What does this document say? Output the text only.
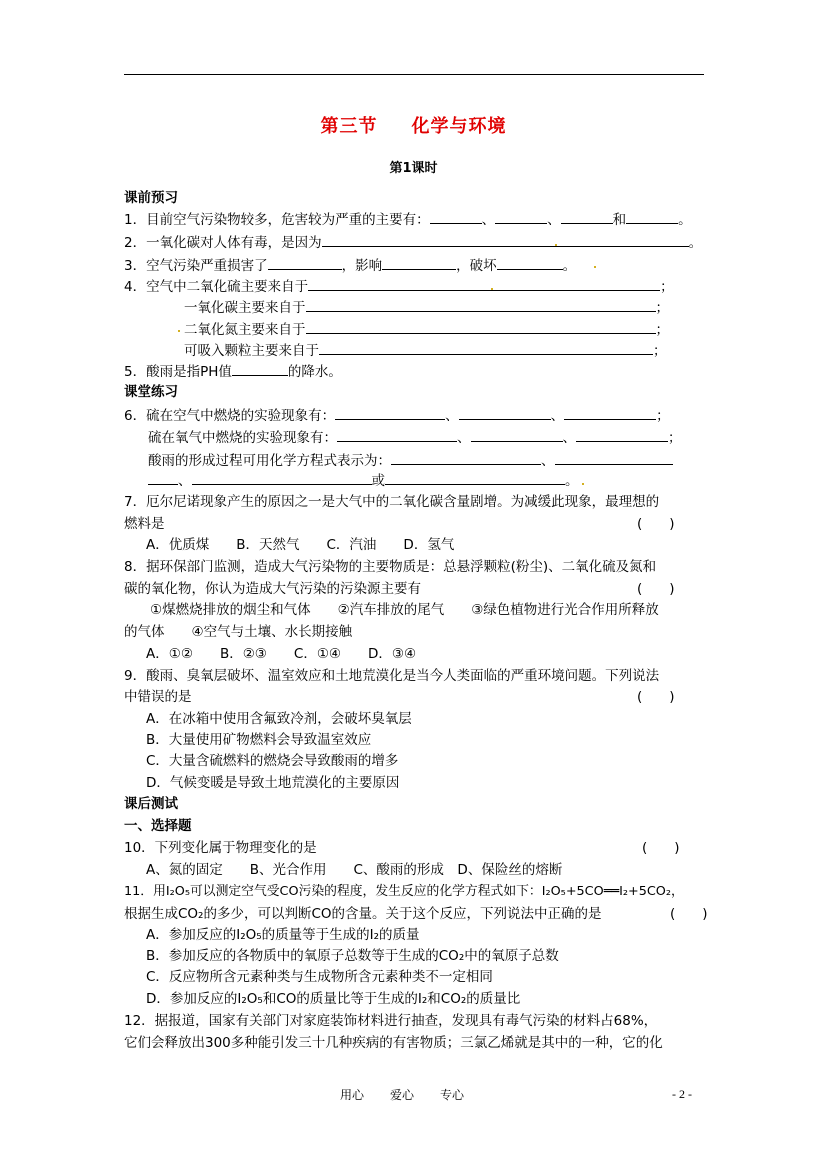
第三节 化学与环境
第1课时
课前预习
1．目前空气污染物较多，危害较为严重的主要有：	、	、	和	。
2．一氧化碳对人体有毒，是因为	。
3．空气污染严重损害了	，影响	，破坏	。
4．空气中二氧化硫主要来自于	；
一氧化碳主要来自于	；
二氧化氮主要来自于	；
可吸入颗粒主要来自于	；
5．酸雨是指PH值	的降水。
课堂练习
6．硫在空气中燃烧的实验现象有：	、	、	；
硫在氧气中燃烧的实验现象有：	、	、	；
酸雨的形成过程可用化学方程式表示为：	、
、	或	。
7．厄尔尼诺现象产生的原因之一是大气中的二氧化碳含量剧增。为减缓此现象，最理想的
燃料是	(　　)
A．优质煤　　B．天然气　　C．汽油　　D．氢气
8．据环保部门监测，造成大气污染物的主要物质是：总悬浮颗粒(粉尘)、二氧化硫及氮和
碳的氧化物，你认为造成大气污染的污染源主要有	(　　)
①煤燃烧排放的烟尘和气体　　②汽车排放的尾气　　③绿色植物进行光合作用所释放
的气体　　④空气与土壤、水长期接触
A．①②　　B．②③　　C．①④　　D．③④
9．酸雨、臭氧层破坏、温室效应和土地荒漠化是当今人类面临的严重环境问题。下列说法
中错误的是	(　　)
A．在冰箱中使用含氟致冷剂，会破坏臭氧层
B．大量使用矿物燃料会导致温室效应
C．大量含硫燃料的燃烧会导致酸雨的增多
D．气候变暖是导致土地荒漠化的主要原因
课后测试
一、选择题
10．下列变化属于物理变化的是	(　　)
A、氮的固定　　B、光合作用　　C、酸雨的形成　D、保险丝的熔断
11．用I₂O₅可以测定空气受CO污染的程度，发生反应的化学方程式如下：I₂O₅+5CO══I₂+5CO₂，
根据生成CO₂的多少，可以判断CO的含量。关于这个反应，下列说法中正确的是	(　　)
A．参加反应的I₂O₅的质量等于生成的I₂的质量
B．参加反应的各物质中的氧原子总数等于生成的CO₂中的氧原子总数
C．反应物所含元素种类与生成物所含元素种类不一定相同
D．参加反应的I₂O₅和CO的质量比等于生成的I₂和CO₂的质量比
12．据报道，国家有关部门对家庭装饰材料进行抽查，发现具有毒气污染的材料占68%，
它们会释放出300多种能引发三十几种疾病的有害物质；三氯乙烯就是其中的一种，它的化
用心 爱心 专心	- 2 -
